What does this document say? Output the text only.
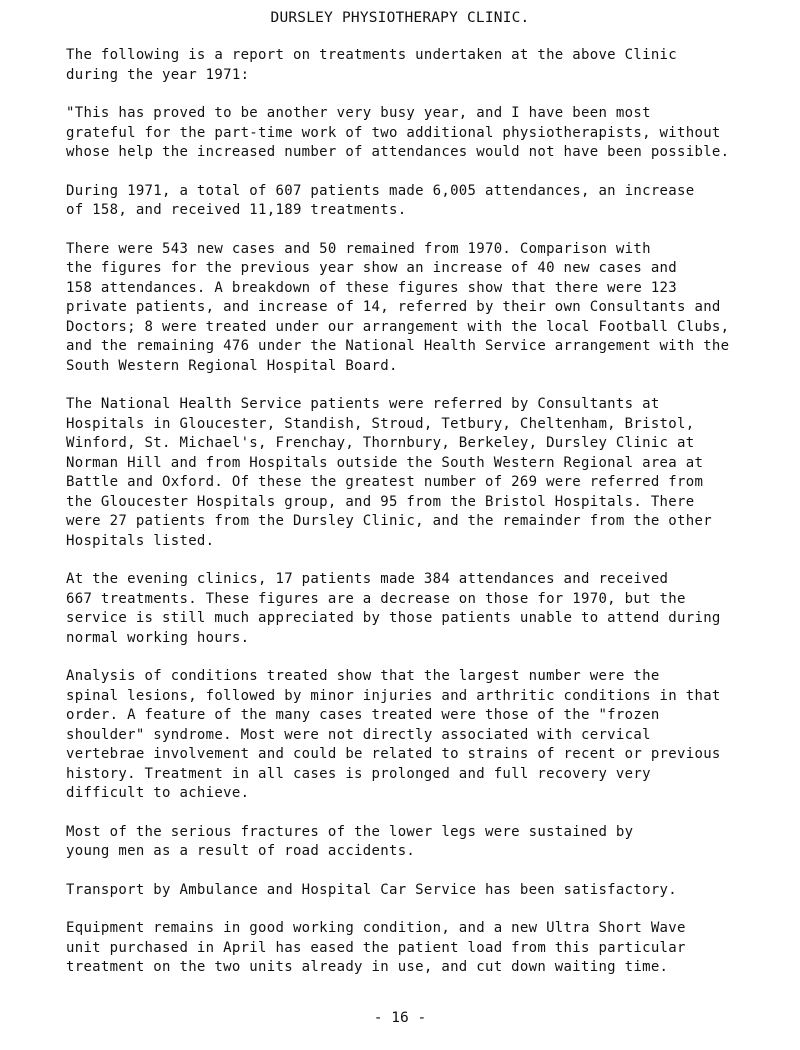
DURSLEY PHYSIOTHERAPY CLINIC.

The following is a report on treatments undertaken at the above Clinic
during the year 1971:

"This has proved to be another very busy year, and I have been most
grateful for the part-time work of two additional physiotherapists, without
whose help the increased number of attendances would not have been possible.

During 1971, a total of 607 patients made 6,005 attendances, an increase
of 158, and received 11,189 treatments.

There were 543 new cases and 50 remained from 1970. Comparison with
the figures for the previous year show an increase of 40 new cases and
158 attendances. A breakdown of these figures show that there were 123
private patients, and increase of 14, referred by their own Consultants and
Doctors; 8 were treated under our arrangement with the local Football Clubs,
and the remaining 476 under the National Health Service arrangement with the
South Western Regional Hospital Board.

The National Health Service patients were referred by Consultants at
Hospitals in Gloucester, Standish, Stroud, Tetbury, Cheltenham, Bristol,
Winford, St. Michael's, Frenchay, Thornbury, Berkeley, Dursley Clinic at
Norman Hill and from Hospitals outside the South Western Regional area at
Battle and Oxford. Of these the greatest number of 269 were referred from
the Gloucester Hospitals group, and 95 from the Bristol Hospitals. There
were 27 patients from the Dursley Clinic, and the remainder from the other
Hospitals listed.

At the evening clinics, 17 patients made 384 attendances and received
667 treatments. These figures are a decrease on those for 1970, but the
service is still much appreciated by those patients unable to attend during
normal working hours.

Analysis of conditions treated show that the largest number were the
spinal lesions, followed by minor injuries and arthritic conditions in that
order. A feature of the many cases treated were those of the "frozen
shoulder" syndrome. Most were not directly associated with cervical
vertebrae involvement and could be related to strains of recent or previous
history. Treatment in all cases is prolonged and full recovery very
difficult to achieve.

Most of the serious fractures of the lower legs were sustained by
young men as a result of road accidents.

Transport by Ambulance and Hospital Car Service has been satisfactory.

Equipment remains in good working condition, and a new Ultra Short Wave
unit purchased in April has eased the patient load from this particular
treatment on the two units already in use, and cut down waiting time.

- 16 -
